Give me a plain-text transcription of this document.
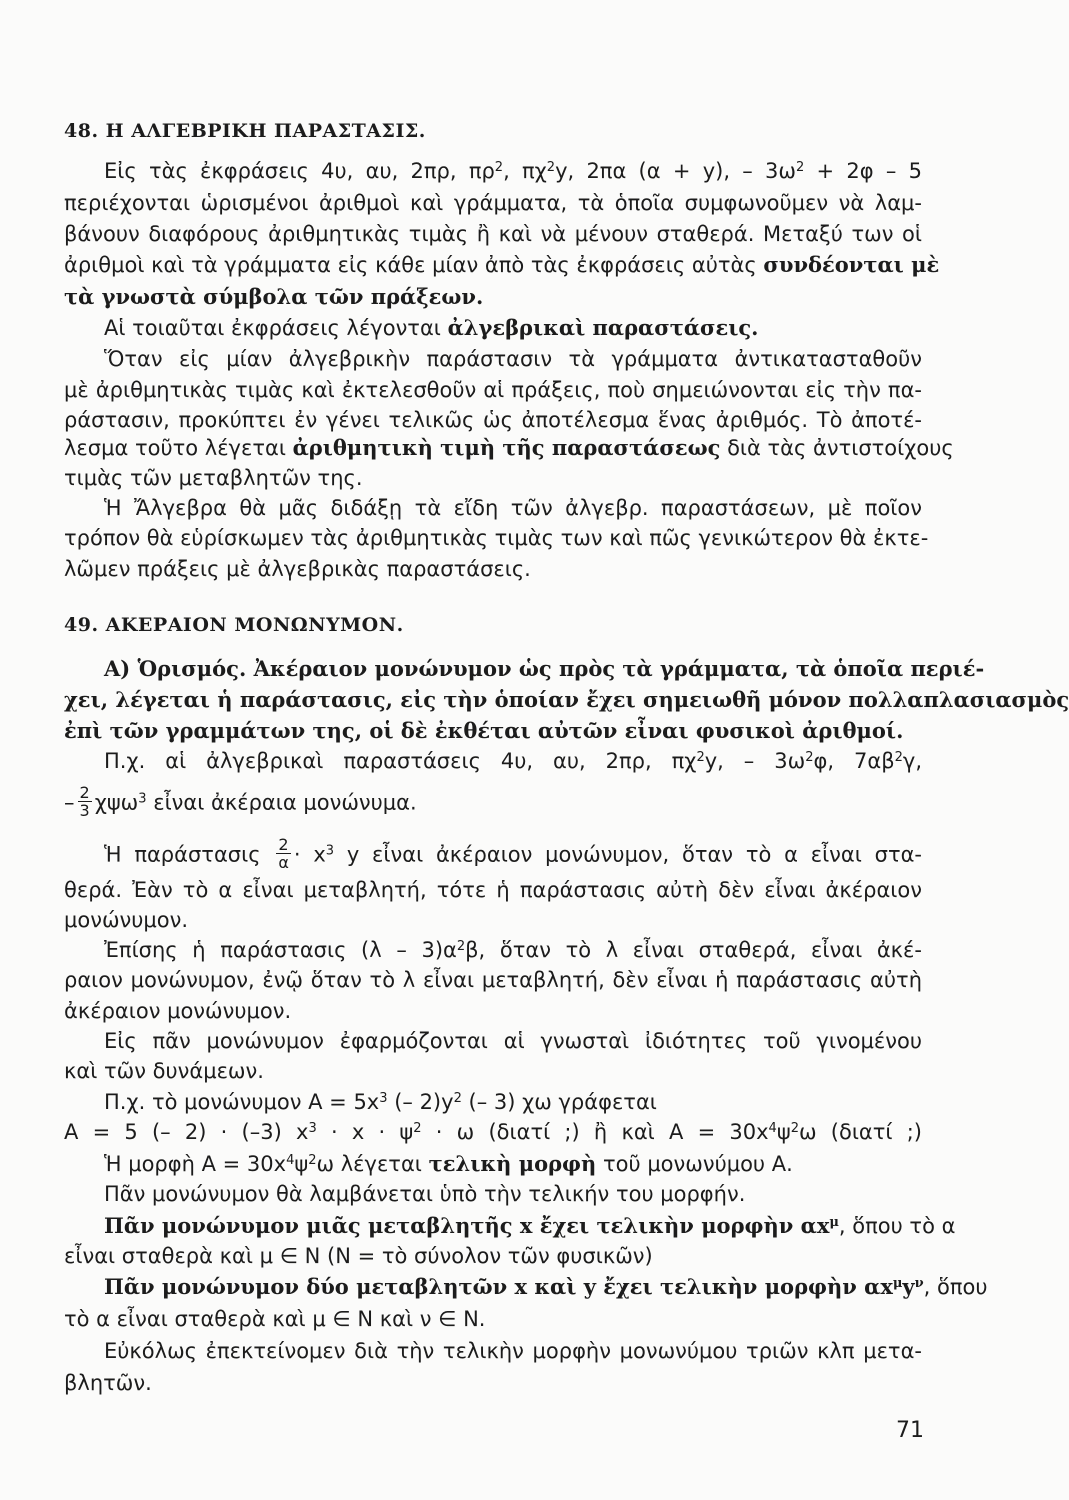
48. Η ΑΛΓΕΒΡΙΚΗ ΠΑΡΑΣΤΑΣΙΣ.
Εἰς τὰς ἐκφράσεις 4υ, αυ, 2πρ, $\pi\rho^2$, $\pi\chi^2y$, 2πα (α + y), – $3\omega^2 + 2\varphi - 5$
περιέχονται ὡρισμένοι ἀριθμοὶ καὶ γράμματα, τὰ ὁποῖα συμφωνοῦμεν νὰ λαμ-
βάνουν διαφόρους ἀριθμητικὰς τιμὰς ἢ καὶ νὰ μένουν σταθερά. Μεταξύ των οἱ
ἀριθμοὶ καὶ τὰ γράμματα εἰς κάθε μίαν ἀπὸ τὰς ἐκφράσεις αὐτὰς συνδέονται μὲ
τὰ γνωστὰ σύμβολα τῶν πράξεων.
Αἱ τοιαῦται ἐκφράσεις λέγονται ἀλγεβρικαὶ παραστάσεις.
Ὅταν εἰς μίαν ἀλγεβρικὴν παράστασιν τὰ γράμματα ἀντικατασταθοῦν
μὲ ἀριθμητικὰς τιμὰς καὶ ἐκτελεσθοῦν αἱ πράξεις, ποὺ σημειώνονται εἰς τὴν πα-
ράστασιν, προκύπτει ἐν γένει τελικῶς ὡς ἀποτέλεσμα ἕνας ἀριθμός. Τὸ ἀποτέ-
λεσμα τοῦτο λέγεται ἀριθμητικὴ τιμὴ τῆς παραστάσεως διὰ τὰς ἀντιστοίχους
τιμὰς τῶν μεταβλητῶν της.
Ἡ Ἄλγεβρα θὰ μᾶς διδάξῃ τὰ εἴδη τῶν ἀλγεβρ. παραστάσεων, μὲ ποῖον
τρόπον θὰ εὑρίσκωμεν τὰς ἀριθμητικὰς τιμὰς των καὶ πῶς γενικώτερον θὰ ἐκτε-
λῶμεν πράξεις μὲ ἀλγεβρικὰς παραστάσεις.
49. ΑΚΕΡΑΙΟΝ ΜΟΝΩΝΥΜΟΝ.
Α) Ὁρισμός. Ἀκέραιον μονώνυμον ὡς πρὸς τὰ γράμματα, τὰ ὁποῖα περιέ-
χει, λέγεται ἡ παράστασις, εἰς τὴν ὁποίαν ἔχει σημειωθῆ μόνον πολλαπλασιασμὸς
ἐπὶ τῶν γραμμάτων της, οἱ δὲ ἐκθέται αὐτῶν εἶναι φυσικοὶ ἀριθμοί.
Π.χ. αἱ ἀλγεβρικαὶ παραστάσεις 4υ, αυ, 2πρ, $\pi\chi^2y$, – $3\omega^2\varphi$, $7\alpha\beta^2\gamma$,
– $\frac{2}{3} \chi\psi\omega^3$ εἶναι ἀκέραια μονώνυμα.
Ἡ παράστασις $\frac{2}{\alpha} \cdot x^3$ y εἶναι ἀκέραιον μονώνυμον, ὅταν τὸ α εἶναι στα-
θερά. Ἐὰν τὸ α εἶναι μεταβλητή, τότε ἡ παράστασις αὐτὴ δὲν εἶναι ἀκέραιον
μονώνυμον.
Ἐπίσης ἡ παράστασις $(\lambda - 3)\alpha^2\beta$, ὅταν τὸ λ εἶναι σταθερά, εἶναι ἀκέ-
ραιον μονώνυμον, ἐνῷ ὅταν τὸ λ εἶναι μεταβλητή, δὲν εἶναι ἡ παράστασις αὐτὴ
ἀκέραιον μονώνυμον.
Εἰς πᾶν μονώνυμον ἐφαρμόζονται αἱ γνωσταὶ ἰδιότητες τοῦ γινομένου
καὶ τῶν δυνάμεων.
Π.χ. τὸ μονώνυμον $A = 5x^3$ (– $2)y^2$ (– 3) χω γράφεται
Α = 5 (– 2) · (–3) $x^3 \cdot x \cdot \psi^2 \cdot \omega$ (διατί ;) ἢ καὶ $A = 30x^4\psi^2\omega$ (διατί ;)
Ἡ μορφὴ $A = 30x^4\psi^2\omega$ λέγεται τελικὴ μορφὴ τοῦ μονωνύμου Α.
Πᾶν μονώνυμον θὰ λαμβάνεται ὑπὸ τὴν τελικήν του μορφήν.
Πᾶν μονώνυμον μιᾶς μεταβλητῆς x ἔχει τελικὴν μορφὴν $\alpha x^\mu$, ὅπου τὸ α
εἶναι σταθερὰ καὶ μ ∈ Ν (Ν = τὸ σύνολον τῶν φυσικῶν)
Πᾶν μονώνυμον δύο μεταβλητῶν x καὶ y ἔχει τελικὴν μορφὴν $\alpha x^\mu y^\nu$, ὅπου
τὸ α εἶναι σταθερὰ καὶ μ ∈ Ν καὶ ν ∈ Ν.
Εὐκόλως ἐπεκτείνομεν διὰ τὴν τελικὴν μορφὴν μονωνύμου τριῶν κλπ μετα-
βλητῶν.
71
